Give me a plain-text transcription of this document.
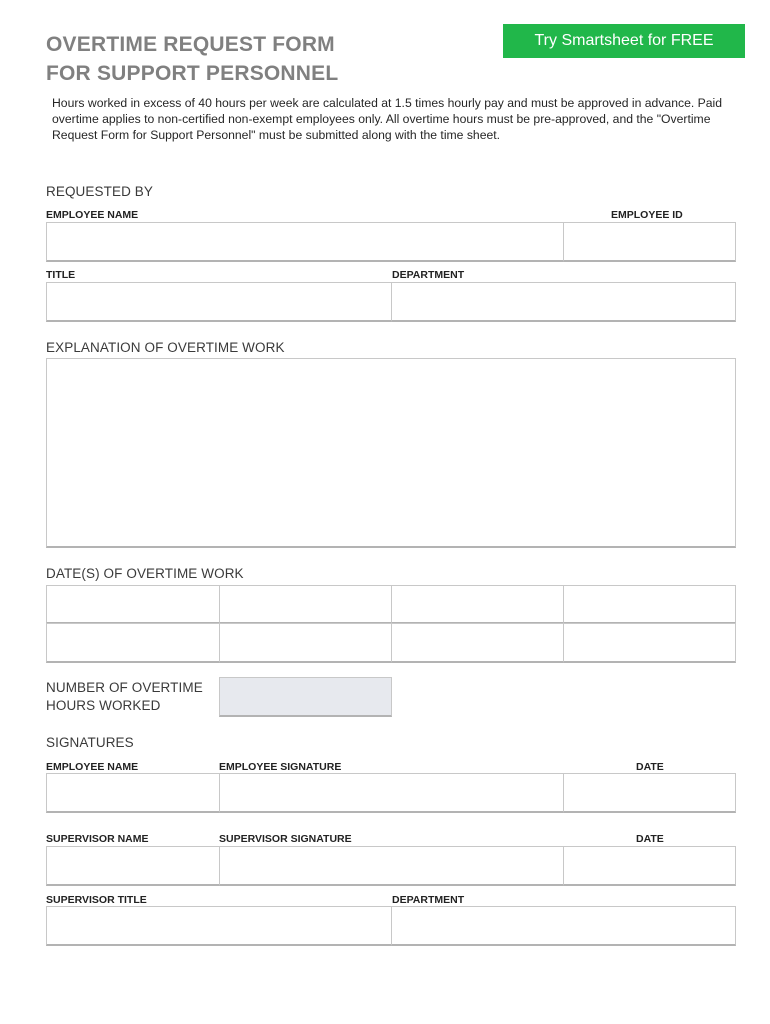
OVERTIME REQUEST FORM
FOR SUPPORT PERSONNEL
Try Smartsheet for FREE
Hours worked in excess of 40 hours per week are calculated at 1.5 times hourly pay and must be approved in advance. Paid overtime applies to non-certified non-exempt employees only. All overtime hours must be pre-approved, and the "Overtime Request Form for Support Personnel" must be submitted along with the time sheet.
REQUESTED BY
EMPLOYEE NAME	EMPLOYEE ID
TITLE	DEPARTMENT
EXPLANATION OF OVERTIME WORK
DATE(S) OF OVERTIME WORK
NUMBER OF OVERTIME
HOURS WORKED
SIGNATURES
EMPLOYEE NAME	EMPLOYEE SIGNATURE	DATE
SUPERVISOR NAME	SUPERVISOR SIGNATURE	DATE
SUPERVISOR TITLE	DEPARTMENT
